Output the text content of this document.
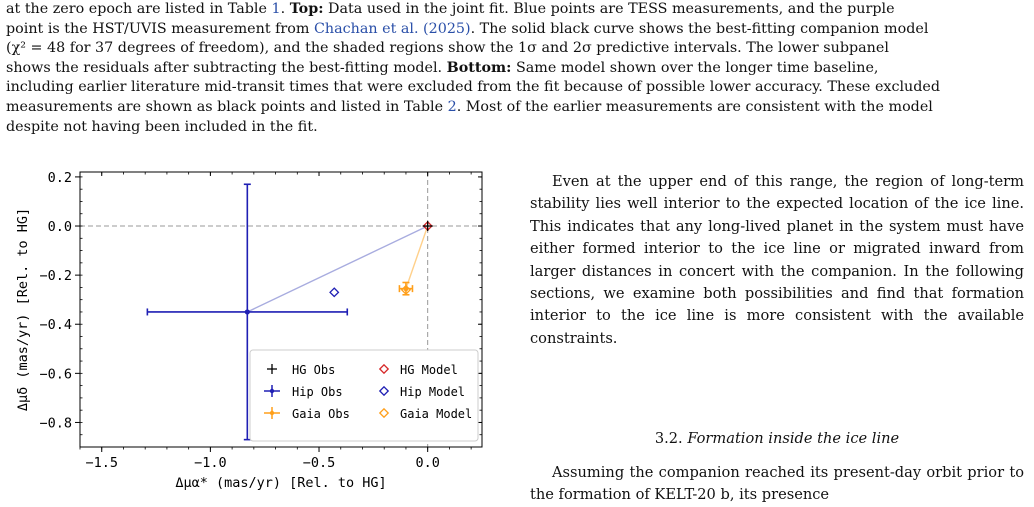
at the zero epoch are listed in Table 1. Top: Data used in the joint fit. Blue points are TESS measurements, and the purple
point is the HST/UVIS measurement from Chachan et al. (2025). The solid black curve shows the best-fitting companion model
(χ² = 48 for 37 degrees of freedom), and the shaded regions show the 1σ and 2σ predictive intervals. The lower subpanel
shows the residuals after subtracting the best-fitting model. Bottom: Same model shown over the longer time baseline,
including earlier literature mid-transit times that were excluded from the fit because of possible lower accuracy. These excluded
measurements are shown as black points and listed in Table 2. Most of the earlier measurements are consistent with the model
despite not having been included in the fit.
−1.5	−1.0	−0.5	0.0
0.2
0.0
−0.2
−0.4
−0.6
−0.8
Δμα* (mas/yr) [Rel. to HG]
Δμδ (mas/yr) [Rel. to HG]	HG Obs	HG Model
Hip Obs	Hip Model
Gaia Obs	Gaia Model

Even at the upper end of this range, the region of long-term stability lies well interior to the expected location of the ice line. This indicates that any long-lived planet in the system must have either formed interior to the ice line or migrated inward from larger distances in concert with the companion. In the following sections, we examine both possibilities and find that formation interior to the ice line is more consistent with the available constraints.

3.2. Formation inside the ice line

Assuming the companion reached its present-day orbit prior to the formation of KELT-20 b, its presence
